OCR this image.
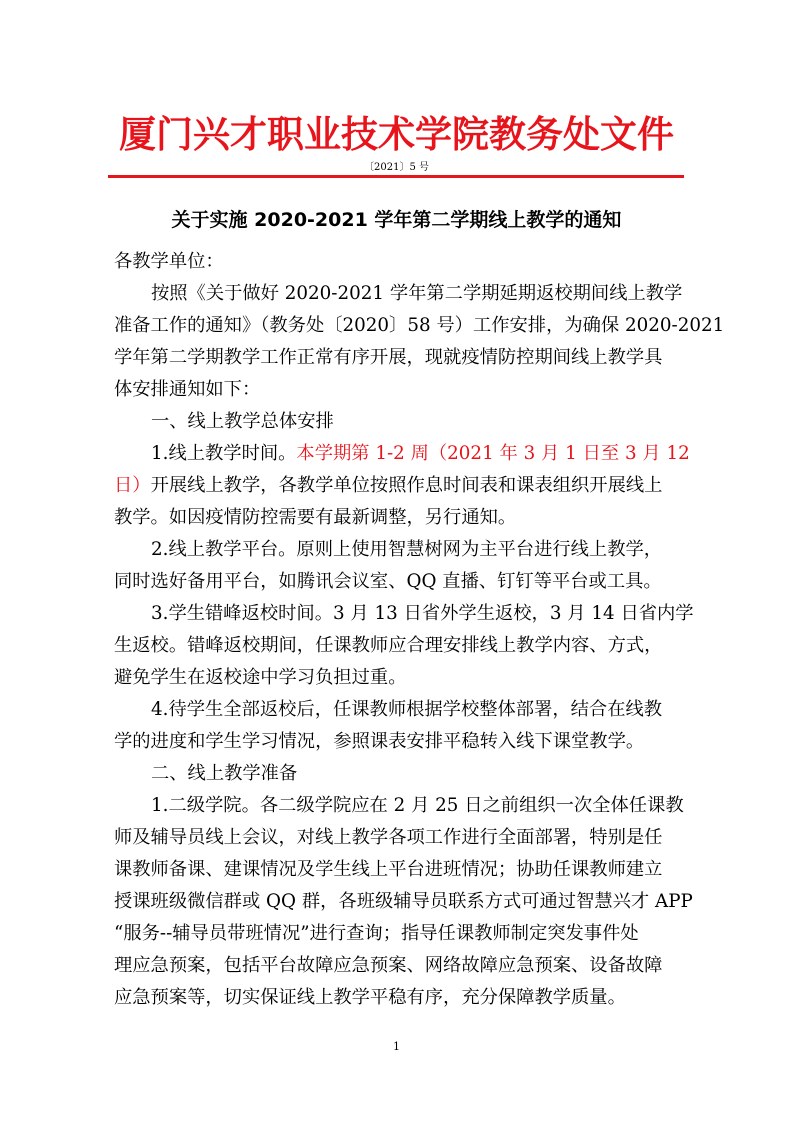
厦门兴才职业技术学院教务处文件
〔2021〕5 号
关于实施 2020-2021 学年第二学期线上教学的通知

各教学单位：

按照《关于做好 2020-2021 学年第二学期延期返校期间线上教学

准备工作的通知》（教务处〔2020〕58 号）工作安排，为确保 2020-2021

学年第二学期教学工作正常有序开展，现就疫情防控期间线上教学具

体安排通知如下：

一、线上教学总体安排

1.线上教学时间。本学期第 1-2 周（2021 年 3 月 1 日至 3 月 12

日）开展线上教学，各教学单位按照作息时间表和课表组织开展线上

教学。如因疫情防控需要有最新调整，另行通知。

2.线上教学平台。原则上使用智慧树网为主平台进行线上教学，

同时选好备用平台，如腾讯会议室、QQ 直播、钉钉等平台或工具。

3.学生错峰返校时间。3 月 13 日省外学生返校，3 月 14 日省内学

生返校。错峰返校期间，任课教师应合理安排线上教学内容、方式，

避免学生在返校途中学习负担过重。

4.待学生全部返校后，任课教师根据学校整体部署，结合在线教

学的进度和学生学习情况，参照课表安排平稳转入线下课堂教学。

二、线上教学准备

1.二级学院。各二级学院应在 2 月 25 日之前组织一次全体任课教

师及辅导员线上会议，对线上教学各项工作进行全面部署，特别是任

课教师备课、建课情况及学生线上平台进班情况；协助任课教师建立

授课班级微信群或 QQ 群，各班级辅导员联系方式可通过智慧兴才 APP

“服务--辅导员带班情况”进行查询；指导任课教师制定突发事件处

理应急预案，包括平台故障应急预案、网络故障应急预案、设备故障

应急预案等，切实保证线上教学平稳有序，充分保障教学质量。

1
